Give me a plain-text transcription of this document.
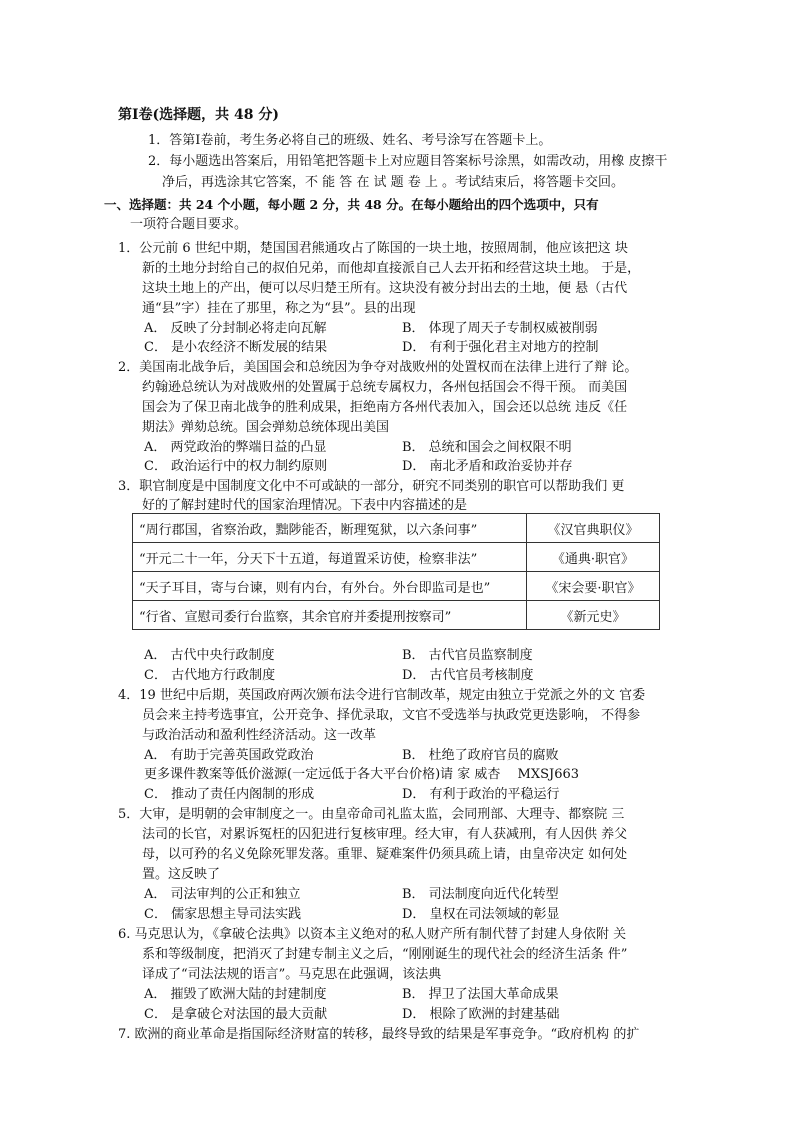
第Ⅰ卷(选择题，共 48 分)
1．答第Ⅰ卷前，考生务必将自己的班级、姓名、考号涂写在答题卡上。
2．每小题选出答案后，用铅笔把答题卡上对应题目答案标号涂黑，如需改动，用橡 皮擦干
净后，再选涂其它答案，不 能 答 在 试 题 卷 上 。考试结束后，将答题卡交回。
一、选择题：共 24 个小题，每小题 2 分，共 48 分。在每小题给出的四个选项中，只有
一项符合题目要求。
1．公元前 6 世纪中期，楚国国君熊通攻占了陈国的一块土地，按照周制，他应该把这 块
新的土地分封给自己的叔伯兄弟，而他却直接派自己人去开拓和经营这块土地。 于是，
这块土地上的产出，便可以尽归楚王所有。这块没有被分封出去的土地，便 悬（古代
通“县”字）挂在了那里，称之为“县”。县的出现
A． 反映了分封制必将走向瓦解	B． 体现了周天子专制权威被削弱
C． 是小农经济不断发展的结果	D． 有利于强化君主对地方的控制
2．美国南北战争后，美国国会和总统因为争夺对战败州的处置权而在法律上进行了辩 论。
约翰逊总统认为对战败州的处置属于总统专属权力，各州包括国会不得干预。 而美国
国会为了保卫南北战争的胜利成果，拒绝南方各州代表加入，国会还以总统 违反《任
期法》弹劾总统。国会弹劾总统体现出美国
A． 两党政治的弊端日益的凸显	B． 总统和国会之间权限不明
C． 政治运行中的权力制约原则	D． 南北矛盾和政治妥协并存
3．职官制度是中国制度文化中不可或缺的一部分，研究不同类别的职官可以帮助我们 更
好的了解封建时代的国家治理情况。下表中内容描述的是
“周行郡国，省察治政，黜陟能否，断理冤狱，以六条问事”	《汉官典职仪》
“开元二十一年，分天下十五道，每道置采访使，检察非法”	《通典·职官》
“天子耳目，寄与台谏，则有内台，有外台。外台即监司是也”	《宋会要·职官》
“行省、宣慰司委行台监察，其余官府并委提刑按察司”	《新元史》
A． 古代中央行政制度	B． 古代官员监察制度
C． 古代地方行政制度	D． 古代官员考核制度
4．19 世纪中后期，英国政府两次颁布法令进行官制改革，规定由独立于党派之外的文 官委
员会来主持考选事宜，公开竞争、择优录取，文官不受选举与执政党更迭影响， 不得参
与政治活动和盈利性经济活动。这一改革
A． 有助于完善英国政党政治	B． 杜绝了政府官员的腐败
更多课件教案等低价滋源(一定远低于各大平台价格)请 家 威杏　 MXSJ663
C． 推动了责任内阁制的形成	D． 有利于政治的平稳运行
5．大审，是明朝的会审制度之一。由皇帝命司礼监太监，会同刑部、大理寺、都察院 三
法司的长官，对累诉冤枉的囚犯进行复核审理。经大审，有人获减刑，有人因供 养父
母，以可矜的名义免除死罪发落。重罪、疑难案件仍须具疏上请，由皇帝决定 如何处
置。这反映了
A． 司法审判的公正和独立	B． 司法制度向近代化转型
C． 儒家思想主导司法实践	D． 皇权在司法领域的彰显
6. 马克思认为，《拿破仑法典》以资本主义绝对的私人财产所有制代替了封建人身依附 关
系和等级制度，把消灭了封建专制主义之后，“刚刚诞生的现代社会的经济生活条 件”
译成了“司法法规的语言”。马克思在此强调，该法典
A． 摧毁了欧洲大陆的封建制度	B． 捍卫了法国大革命成果
C． 是拿破仑对法国的最大贡献	D． 根除了欧洲的封建基础
7. 欧洲的商业革命是指国际经济财富的转移，最终导致的结果是军事竞争。“政府机构 的扩
